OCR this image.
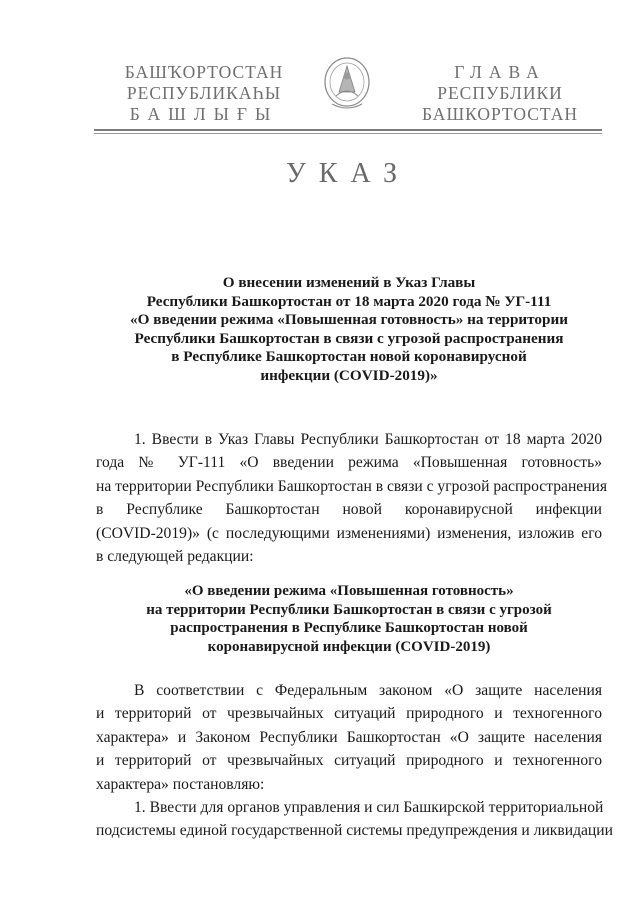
БАШҠОРТОСТАН
РЕСПУБЛИКАҺЫ
БАШЛЫҒЫ
ГЛАВА
РЕСПУБЛИКИ
БАШКОРТОСТАН
УКАЗ
О внесении изменений в Указ Главы
Республики Башкортостан от 18 марта 2020 года № УГ-111
«О введении режима «Повышенная готовность» на территории
Республики Башкортостан в связи с угрозой распространения
в Республике Башкортостан новой коронавирусной
инфекции (COVID-2019)»
1. Ввести в Указ Главы Республики Башкортостан от 18 марта 2020
года № УГ-111 «О введении режима «Повышенная готовность»
на территории Республики Башкортостан в связи с угрозой распространения
в Республике Башкортостан новой коронавирусной инфекции
(COVID-2019)» (с последующими изменениями) изменения, изложив его
в следующей редакции:
«О введении режима «Повышенная готовность»
на территории Республики Башкортостан в связи с угрозой
распространения в Республике Башкортостан новой
коронавирусной инфекции (COVID-2019)
В соответствии с Федеральным законом «О защите населения
и территорий от чрезвычайных ситуаций природного и техногенного
характера» и Законом Республики Башкортостан «О защите населения
и территорий от чрезвычайных ситуаций природного и техногенного
характера» постановляю:
1. Ввести для органов управления и сил Башкирской территориальной
подсистемы единой государственной системы предупреждения и ликвидации
